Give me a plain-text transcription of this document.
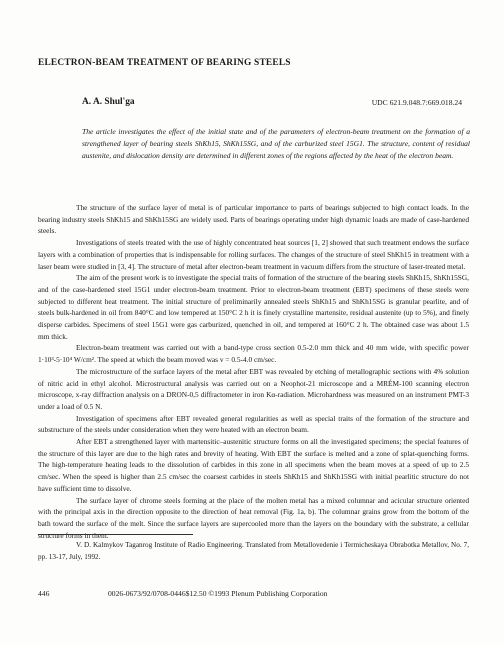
ELECTRON-BEAM TREATMENT OF BEARING STEELS
A. A. Shul'ga	UDC 621.9.048.7:669.018.24
The article investigates the effect of the initial state and of the parameters of electron-beam treatment on the formation of a strengthened layer of bearing steels ShKh15, ShKh15SG, and of the carburized steel 15G1. The structure, content of residual austenite, and dislocation density are determined in different zones of the regions affected by the heat of the electron beam.

The structure of the surface layer of metal is of particular importance to parts of bearings subjected to high contact loads. In the bearing industry steels ShKh15 and ShKh15SG are widely used. Parts of bearings operating under high dynamic loads are made of case-hardened steels.

Investigations of steels treated with the use of highly concentrated heat sources [1, 2] showed that such treatment endows the surface layers with a combination of properties that is indispensable for rolling surfaces. The changes of the structure of steel ShKh15 in treatment with a laser beam were studied in [3, 4]. The structure of metal after electron-beam treatment in vacuum differs from the structure of laser-treated metal.

The aim of the present work is to investigate the special traits of formation of the structure of the bearing steels ShKh15, ShKh15SG, and of the case-hardened steel 15G1 under electron-beam treatment. Prior to electron-beam treatment (EBT) specimens of these steels were subjected to different heat treatment. The initial structure of preliminarily annealed steels ShKh15 and ShKh15SG is granular pearlite, and of steels bulk-hardened in oil from 840°C and low tempered at 150°C 2 h it is finely crystalline martensite, residual austenite (up to 5%), and finely disperse carbides. Specimens of steel 15G1 were gas carburized, quenched in oil, and tempered at 160°C 2 h. The obtained case was about 1.5 mm thick.

Electron-beam treatment was carried out with a band-type cross section 0.5-2.0 mm thick and 40 mm wide, with specific power 1·10³-5·10⁴ W/cm². The speed at which the beam moved was v = 0.5-4.0 cm/sec.

The microstructure of the surface layers of the metal after EBT was revealed by etching of metallographic sections with 4% solution of nitric acid in ethyl alcohol. Microstructural analysis was carried out on a Neophot-21 microscope and a MRÉM-100 scanning electron microscope, x-ray diffraction analysis on a DRON-0,5 diffractometer in iron Kα-radiation. Microhardness was measured on an instrument PMT-3 under a load of 0.5 N.

Investigation of specimens after EBT revealed general regularities as well as special traits of the formation of the structure and substructure of the steels under consideration when they were heated with an electron beam.

After EBT a strengthened layer with martensitic–austenitic structure forms on all the investigated specimens; the special features of the structure of this layer are due to the high rates and brevity of heating. With EBT the surface is melted and a zone of splat-quenching forms. The high-temperature heating leads to the dissolution of carbides in this zone in all specimens when the beam moves at a speed of up to 2.5 cm/sec. When the speed is higher than 2.5 cm/sec the coarsest carbides in steels ShKh15 and ShKh15SG with initial pearlitic structure do not have sufficient time to dissolve.

The surface layer of chrome steels forming at the place of the molten metal has a mixed columnar and acicular structure oriented with the principal axis in the direction opposite to the direction of heat removal (Fig. 1a, b). The columnar grains grow from the bottom of the bath toward the surface of the melt. Since the surface layers are supercooled more than the layers on the boundary with the substrate, a cellular structure forms in them.

V. D. Kalmykov Taganrog Institute of Radio Engineering. Translated from Metallovedenie i Termicheskaya Obrabotka Metallov, No. 7, pp. 13-17, July, 1992.

446	0026-0673/92/0708-0446$12.50 ©1993 Plenum Publishing Corporation
